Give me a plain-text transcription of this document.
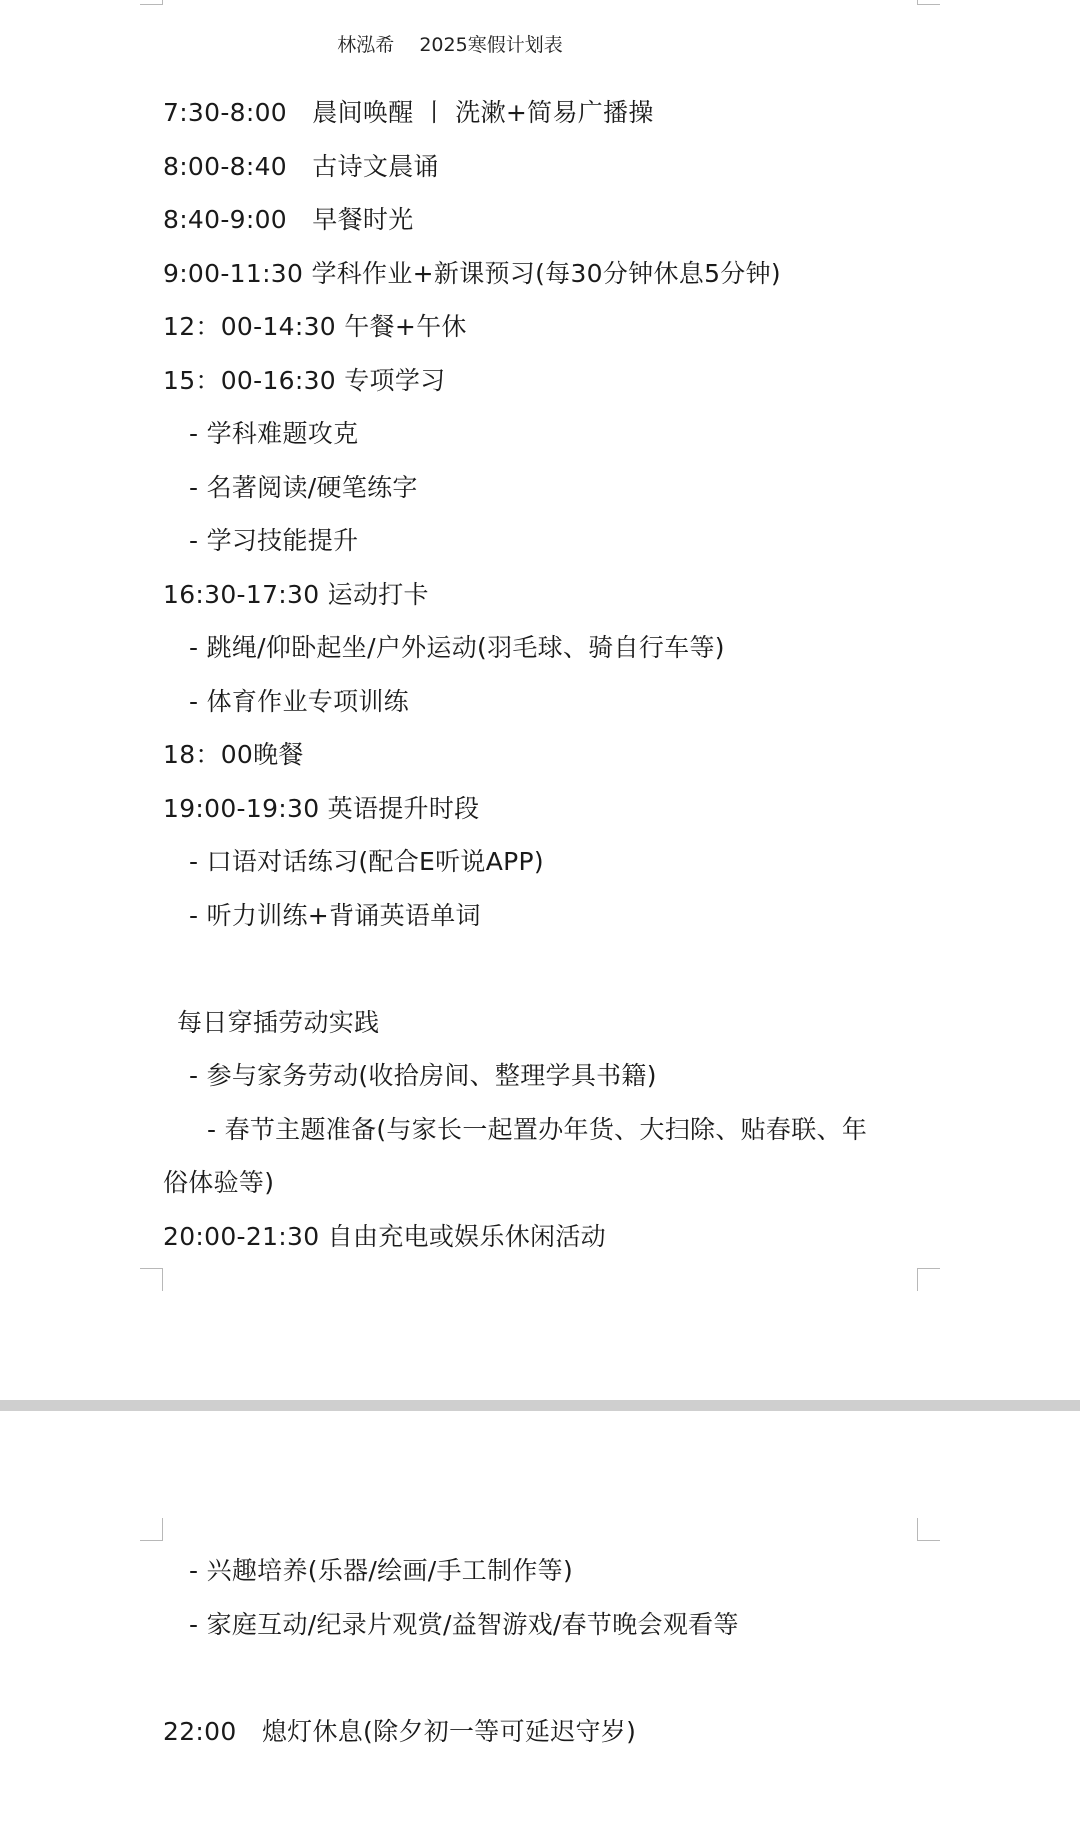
林泓希　 2025寒假计划表
7:30-8:00　晨间唤醒 丨 洗漱+简易广播操
8:00-8:40　古诗文晨诵
8:40-9:00　早餐时光
9:00-11:30 学科作业+新课预习(每30分钟休息5分钟)
12：00-14:30 午餐+午休
15：00-16:30 专项学习
- 学科难题攻克
- 名著阅读/硬笔练字
- 学习技能提升
16:30-17:30 运动打卡
- 跳绳/仰卧起坐/户外运动(羽毛球、骑自行车等)
- 体育作业专项训练
18：00晚餐
19:00-19:30 英语提升时段
- 口语对话练习(配合E听说APP)
- 听力训练+背诵英语单词
每日穿插劳动实践
- 参与家务劳动(收拾房间、整理学具书籍)
- 春节主题准备(与家长一起置办年货、大扫除、贴春联、年
俗体验等)
20:00-21:30 自由充电或娱乐休闲活动
- 兴趣培养(乐器/绘画/手工制作等)
- 家庭互动/纪录片观赏/益智游戏/春节晚会观看等
22:00　熄灯休息(除夕初一等可延迟守岁)
